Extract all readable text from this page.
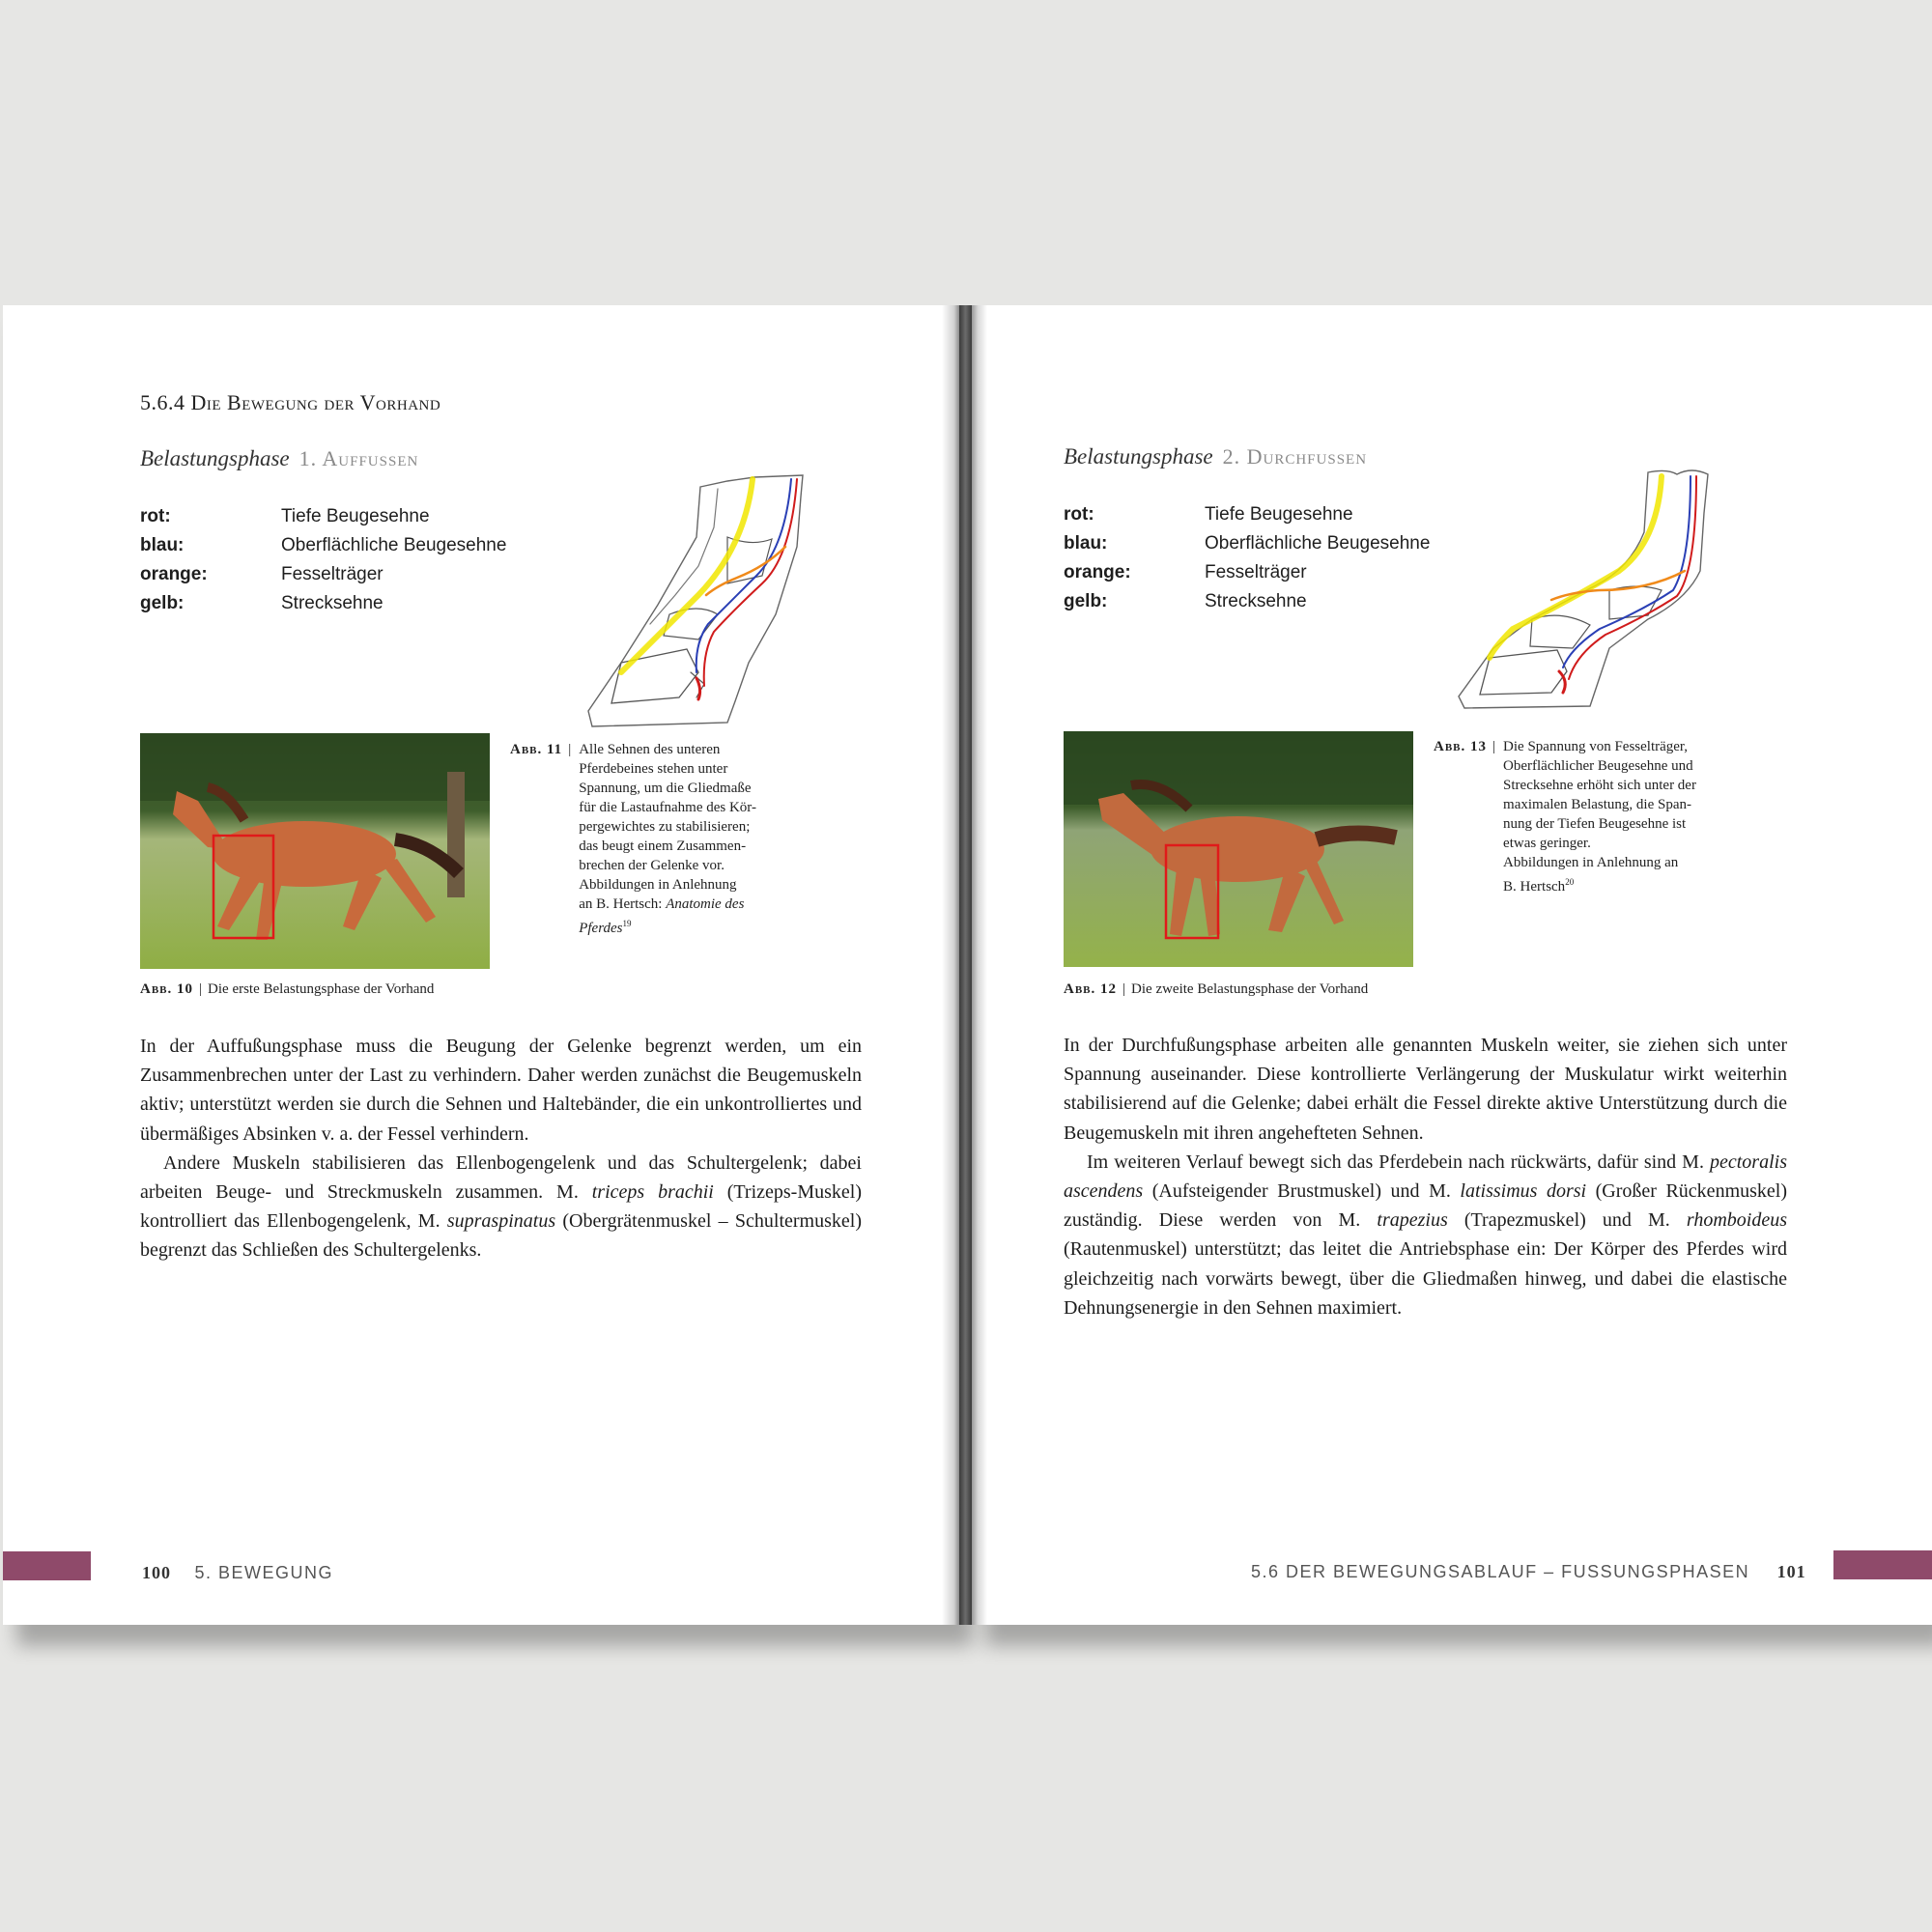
5.6.4 Die Bewegung der Vorhand
Belastungsphase 1. Auffussen
rot:	Tiefe Beugesehne
blau:	Oberflächliche Beugesehne
orange:	Fesselträger
gelb:	Strecksehne
Abb. 11 | Alle Sehnen des unteren
Pferdebeines stehen unter
Spannung, um die Gliedmaße
für die Lastaufnahme des Kör-
pergewichtes zu stabilisieren;
das beugt einem Zusammen-
brechen der Gelenke vor.
Abbildungen in Anlehnung
an B. Hertsch: Anatomie des
Pferdes$^{19}$
Abb. 10 | Die erste Belastungsphase der Vorhand

In der Auffußungsphase muss die Beugung der Gelenke begrenzt werden, um ein Zusammenbrechen unter der Last zu verhindern. Daher werden zunächst die Beugemuskeln aktiv; unterstützt werden sie durch die Sehnen und Haltebänder, die ein unkontrolliertes und übermäßiges Absinken v. a. der Fessel verhindern.

Andere Muskeln stabilisieren das Ellenbogengelenk und das Schultergelenk; dabei arbeiten Beuge- und Streckmuskeln zusammen. M. triceps brachii (Trizeps-Muskel) kontrolliert das Ellenbogengelenk, M. supraspinatus (Obergrätenmuskel – Schultermuskel) begrenzt das Schließen des Schultergelenks.

100 5. BEWEGUNG
Belastungsphase 2. Durchfussen
rot:	Tiefe Beugesehne
blau:	Oberflächliche Beugesehne
orange:	Fesselträger
gelb:	Strecksehne
Abb. 13 | Die Spannung von Fesselträger,
Oberflächlicher Beugesehne und
Strecksehne erhöht sich unter der
maximalen Belastung, die Span-
nung der Tiefen Beugesehne ist
etwas geringer.
Abbildungen in Anlehnung an
B. Hertsch$^{20}$
Abb. 12 | Die zweite Belastungsphase der Vorhand

In der Durchfußungsphase arbeiten alle genannten Muskeln weiter, sie ziehen sich unter Spannung auseinander. Diese kontrollierte Verlängerung der Muskulatur wirkt weiterhin stabilisierend auf die Gelenke; dabei erhält die Fessel direkte aktive Unterstützung durch die Beugemuskeln mit ihren angehefteten Sehnen.

Im weiteren Verlauf bewegt sich das Pferdebein nach rückwärts, dafür sind M. pectoralis ascendens (Aufsteigender Brustmuskel) und M. latissimus dorsi (Großer Rückenmuskel) zuständig. Diese werden von M. trapezius (Trapezmuskel) und M. rhomboideus (Rautenmuskel) unterstützt; das leitet die Antriebsphase ein: Der Körper des Pferdes wird gleichzeitig nach vorwärts bewegt, über die Gliedmaßen hinweg, und dabei die elastische Dehnungsenergie in den Sehnen maximiert.

5.6 DER BEWEGUNGSABLAUF – FUSSUNGSPHASEN 101
